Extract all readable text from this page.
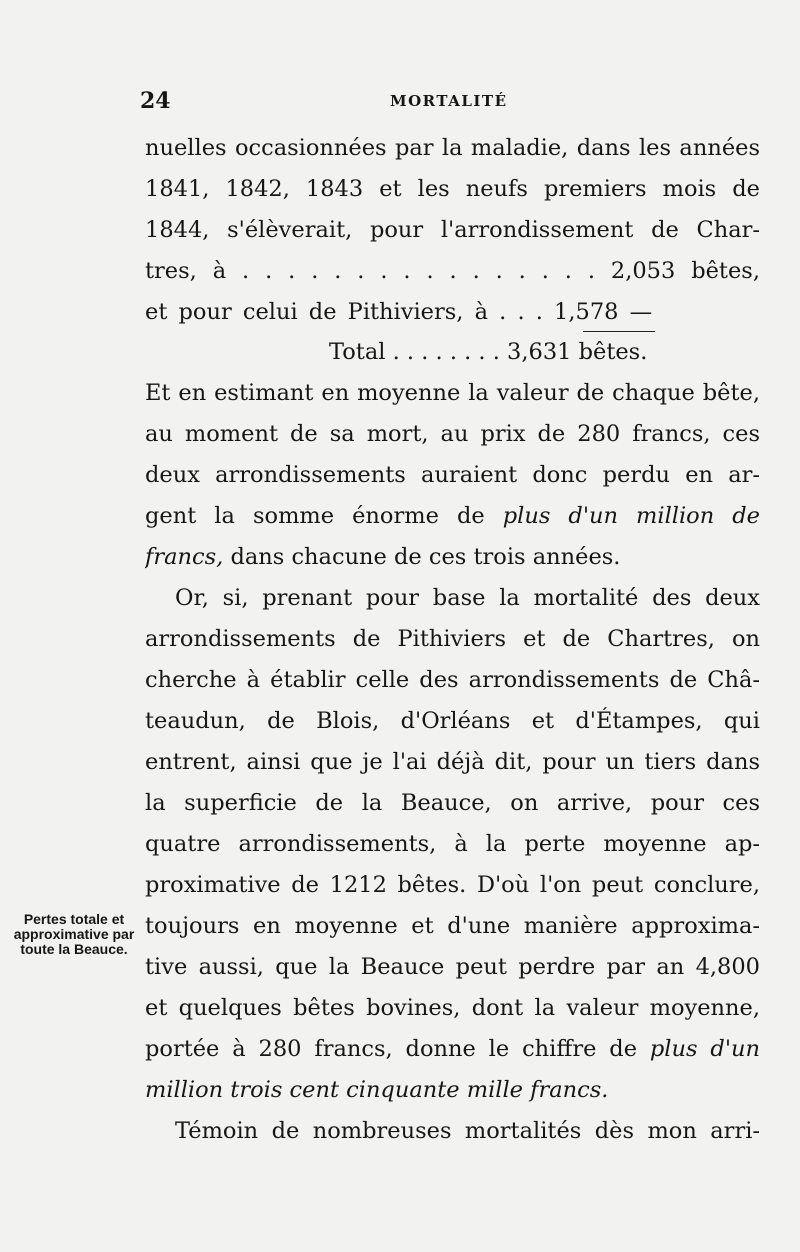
24	MORTALITÉ
nuelles occasionnées par la maladie, dans les années
1841, 1842, 1843 et les neufs premiers mois de
1844, s'élèverait, pour l'arrondissement de Char-
tres, à . . . . . . . . . . . . . . . . 2,053 bêtes,
et pour celui de Pithiviers, à . . . 1,578 —
Total . . . . . . . . 3,631 bêtes.
Et en estimant en moyenne la valeur de chaque bête,
au moment de sa mort, au prix de 280 francs, ces
deux arrondissements auraient donc perdu en ar-
gent la somme énorme de plus d'un million de
francs, dans chacune de ces trois années.
Or, si, prenant pour base la mortalité des deux
arrondissements de Pithiviers et de Chartres, on
cherche à établir celle des arrondissements de Châ-
teaudun, de Blois, d'Orléans et d'Étampes, qui
entrent, ainsi que je l'ai déjà dit, pour un tiers dans
la superficie de la Beauce, on arrive, pour ces
quatre arrondissements, à la perte moyenne ap-
proximative de 1212 bêtes. D'où l'on peut conclure,
toujours en moyenne et d'une manière approxima-
tive aussi, que la Beauce peut perdre par an 4,800
et quelques bêtes bovines, dont la valeur moyenne,
portée à 280 francs, donne le chiffre de plus d'un
million trois cent cinquante mille francs.
Témoin de nombreuses mortalités dès mon arri-
Pertes totale et approximative par toute la Beauce.
